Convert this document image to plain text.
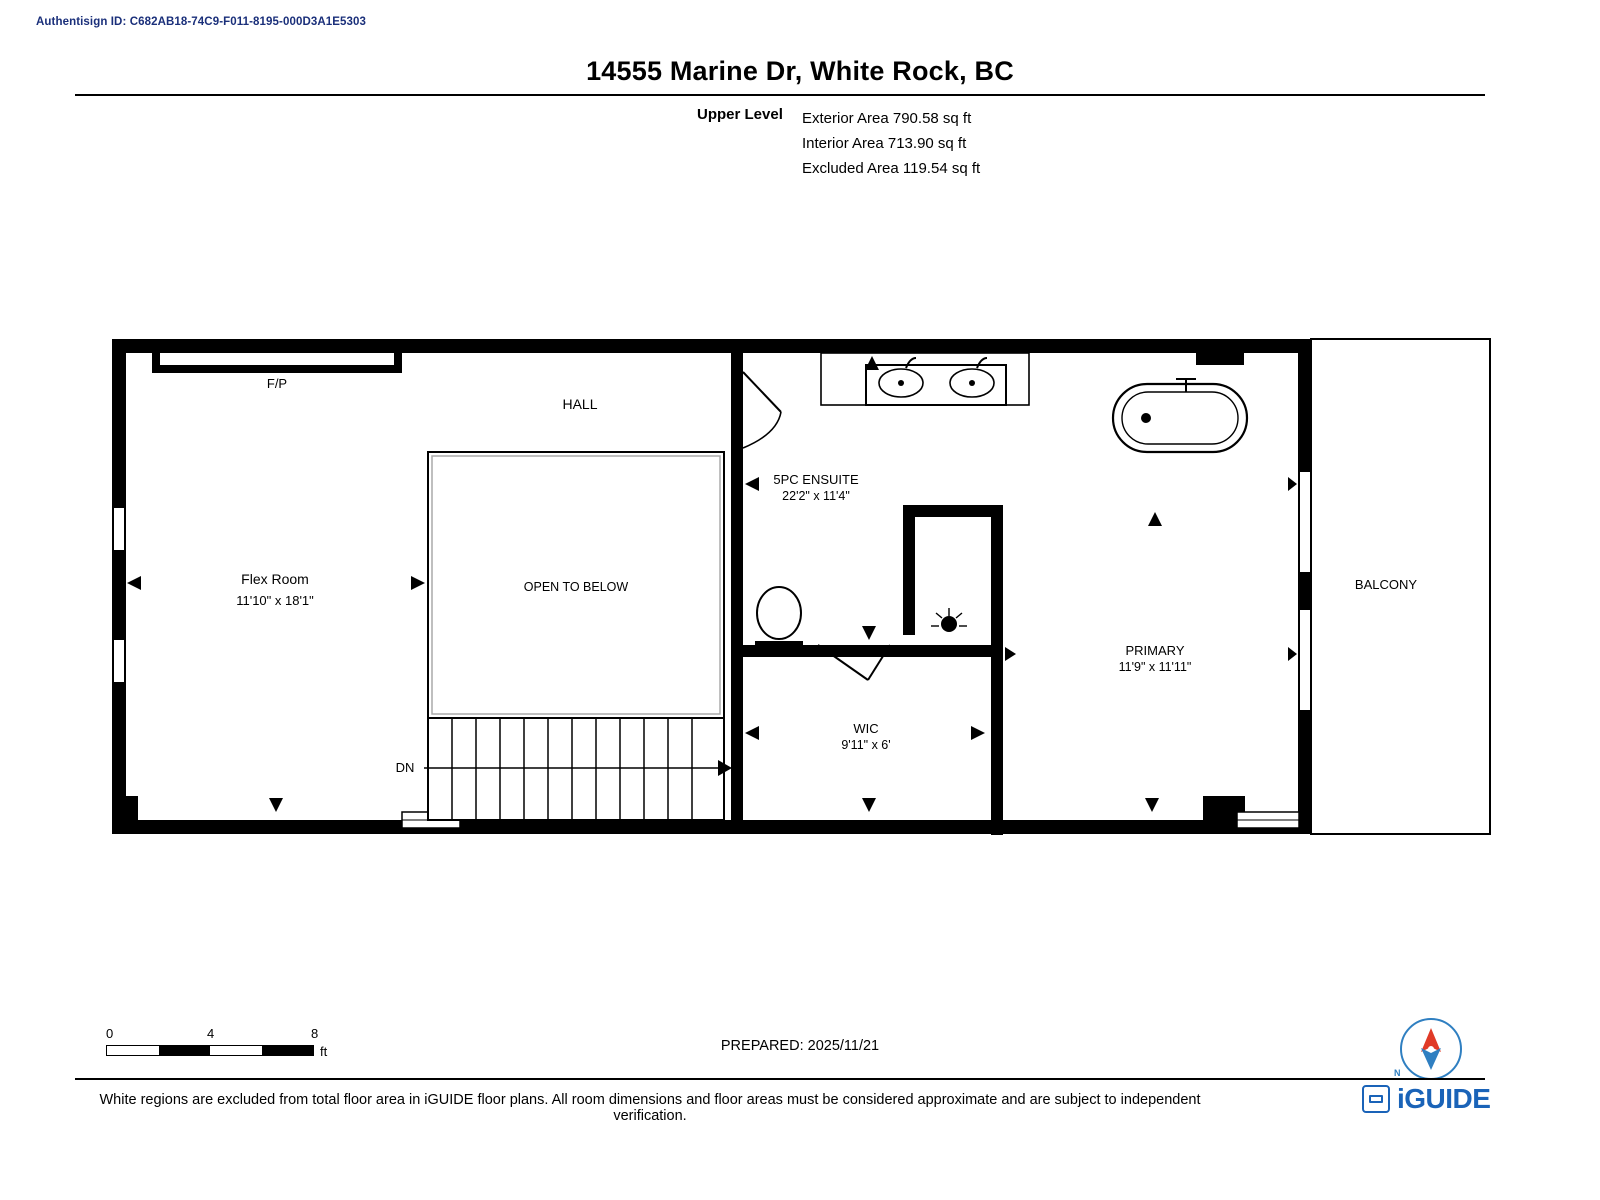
Authentisign ID: C682AB18-74C9-F011-8195-000D3A1E5303
14555 Marine Dr, White Rock, BC
Upper Level	Exterior Area 790.58 sq ft
Interior Area 713.90 sq ft
Excluded Area 119.54 sq ft
F/P
HALL
OPEN TO BELOW
DN
Flex Room
11'10" x 18'1"
5PC ENSUITE
22'2" x 11'4"
PRIMARY
11'9" x 11'11"
WIC
9'11" x 6'
BALCONY
0	4	8
ft	PREPARED: 2025/11/21
N
White regions are excluded from total floor area in iGUIDE floor plans. All room dimensions and floor areas must be considered approximate and are subject to independent verification.
iGUIDE
